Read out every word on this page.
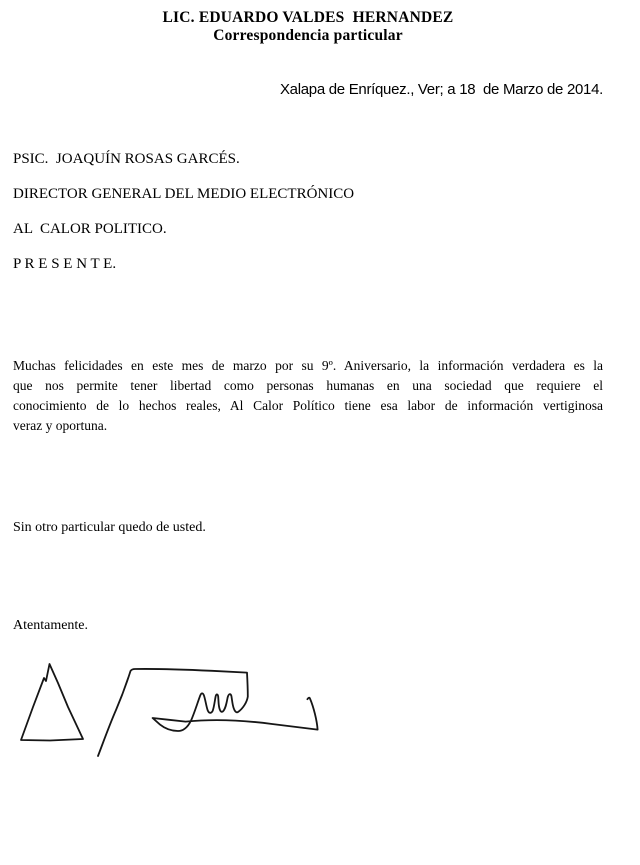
LIC. EDUARDO VALDES  HERNANDEZ
Correspondencia particular
Xalapa de Enríquez., Ver; a 18  de Marzo de 2014.
PSIC.  JOAQUÍN ROSAS GARCÉS.
DIRECTOR GENERAL DEL MEDIO ELECTRÓNICO
AL  CALOR POLITICO.
P R E S E N T E.
Muchas felicidades en este mes de marzo por su 9º. Aniversario, la información verdadera es la
que nos permite tener libertad como personas humanas en una sociedad que requiere el
conocimiento de lo hechos reales, Al Calor Político tiene esa labor de información vertiginosa
veraz y oportuna.
Sin otro particular quedo de usted.
Atentamente.
